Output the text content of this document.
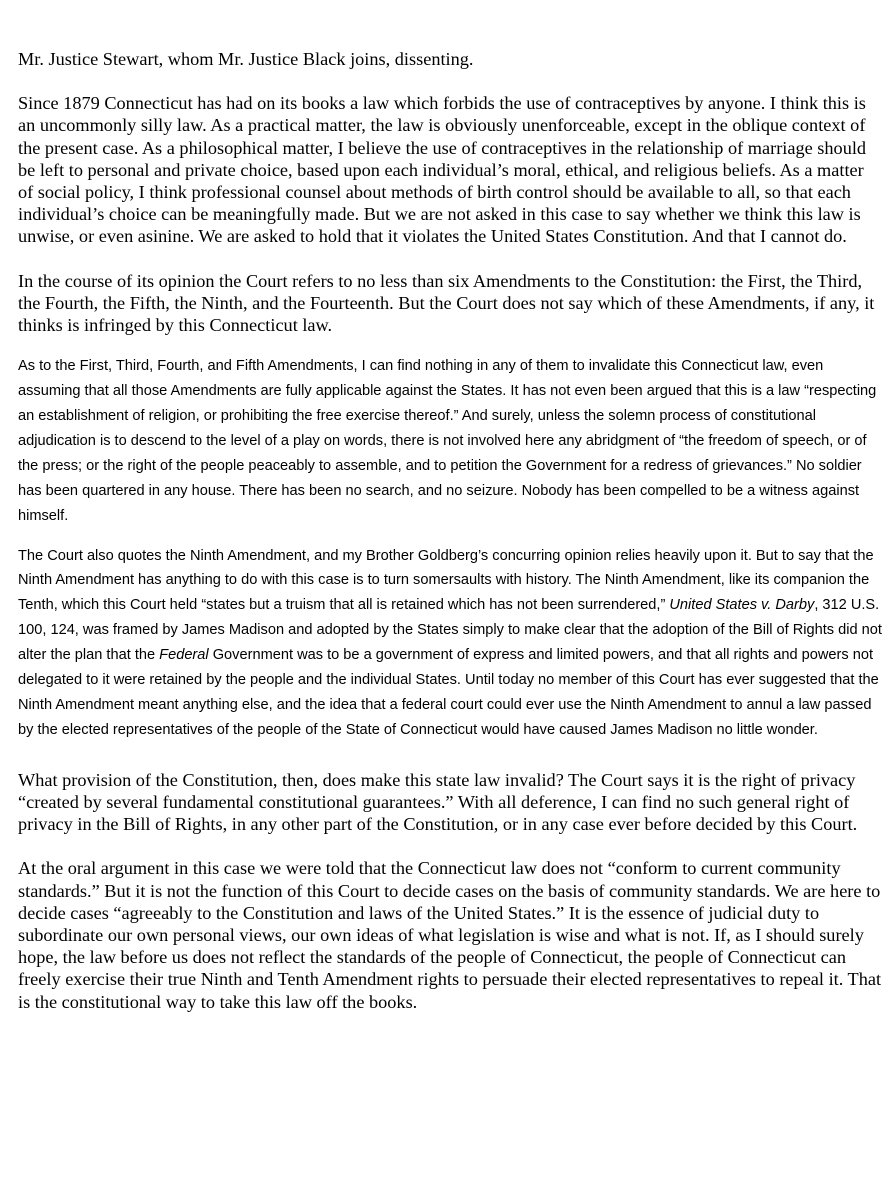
Mr. Justice Stewart, whom Mr. Justice Black joins, dissenting.

Since 1879 Connecticut has had on its books a law which forbids the use of contraceptives by anyone. I think this is an uncommonly silly law. As a practical matter, the law is obviously unenforceable, except in the oblique context of the present case. As a philosophical matter, I believe the use of contraceptives in the relationship of marriage should be left to personal and private choice, based upon each individual’s moral, ethical, and religious beliefs. As a matter of social policy, I think professional counsel about methods of birth control should be available to all, so that each individual’s choice can be meaningfully made. But we are not asked in this case to say whether we think this law is unwise, or even asinine. We are asked to hold that it violates the United States Constitution. And that I cannot do.

In the course of its opinion the Court refers to no less than six Amendments to the Constitution: the First, the Third, the Fourth, the Fifth, the Ninth, and the Fourteenth. But the Court does not say which of these Amendments, if any, it thinks is infringed by this Connecticut law.

As to the First, Third, Fourth, and Fifth Amendments, I can find nothing in any of them to invalidate this Connecticut law, even assuming that all those Amendments are fully applicable against the States. It has not even been argued that this is a law “respecting an establishment of religion, or prohibiting the free exercise thereof.” And surely, unless the solemn process of constitutional adjudication is to descend to the level of a play on words, there is not involved here any abridgment of “the freedom of speech, or of the press; or the right of the people peaceably to assemble, and to petition the Government for a redress of grievances.” No soldier has been quartered in any house. There has been no search, and no seizure. Nobody has been compelled to be a witness against himself.

The Court also quotes the Ninth Amendment, and my Brother Goldberg’s concurring opinion relies heavily upon it. But to say that the Ninth Amendment has anything to do with this case is to turn somersaults with history. The Ninth Amendment, like its companion the Tenth, which this Court held “states but a truism that all is retained which has not been surrendered,” United States v. Darby, 312 U.S. 100, 124, was framed by James Madison and adopted by the States simply to make clear that the adoption of the Bill of Rights did not alter the plan that the Federal Government was to be a government of express and limited powers, and that all rights and powers not delegated to it were retained by the people and the individual States. Until today no member of this Court has ever suggested that the Ninth Amendment meant anything else, and the idea that a federal court could ever use the Ninth Amendment to annul a law passed by the elected representatives of the people of the State of Connecticut would have caused James Madison no little wonder.

What provision of the Constitution, then, does make this state law invalid? The Court says it is the right of privacy “created by several fundamental constitutional guarantees.” With all deference, I can find no such general right of privacy in the Bill of Rights, in any other part of the Constitution, or in any case ever before decided by this Court.

At the oral argument in this case we were told that the Connecticut law does not “conform to current community standards.” But it is not the function of this Court to decide cases on the basis of community standards. We are here to decide cases “agreeably to the Constitution and laws of the United States.” It is the essence of judicial duty to subordinate our own personal views, our own ideas of what legislation is wise and what is not. If, as I should surely hope, the law before us does not reflect the standards of the people of Connecticut, the people of Connecticut can freely exercise their true Ninth and Tenth Amendment rights to persuade their elected representatives to repeal it. That is the constitutional way to take this law off the books.
